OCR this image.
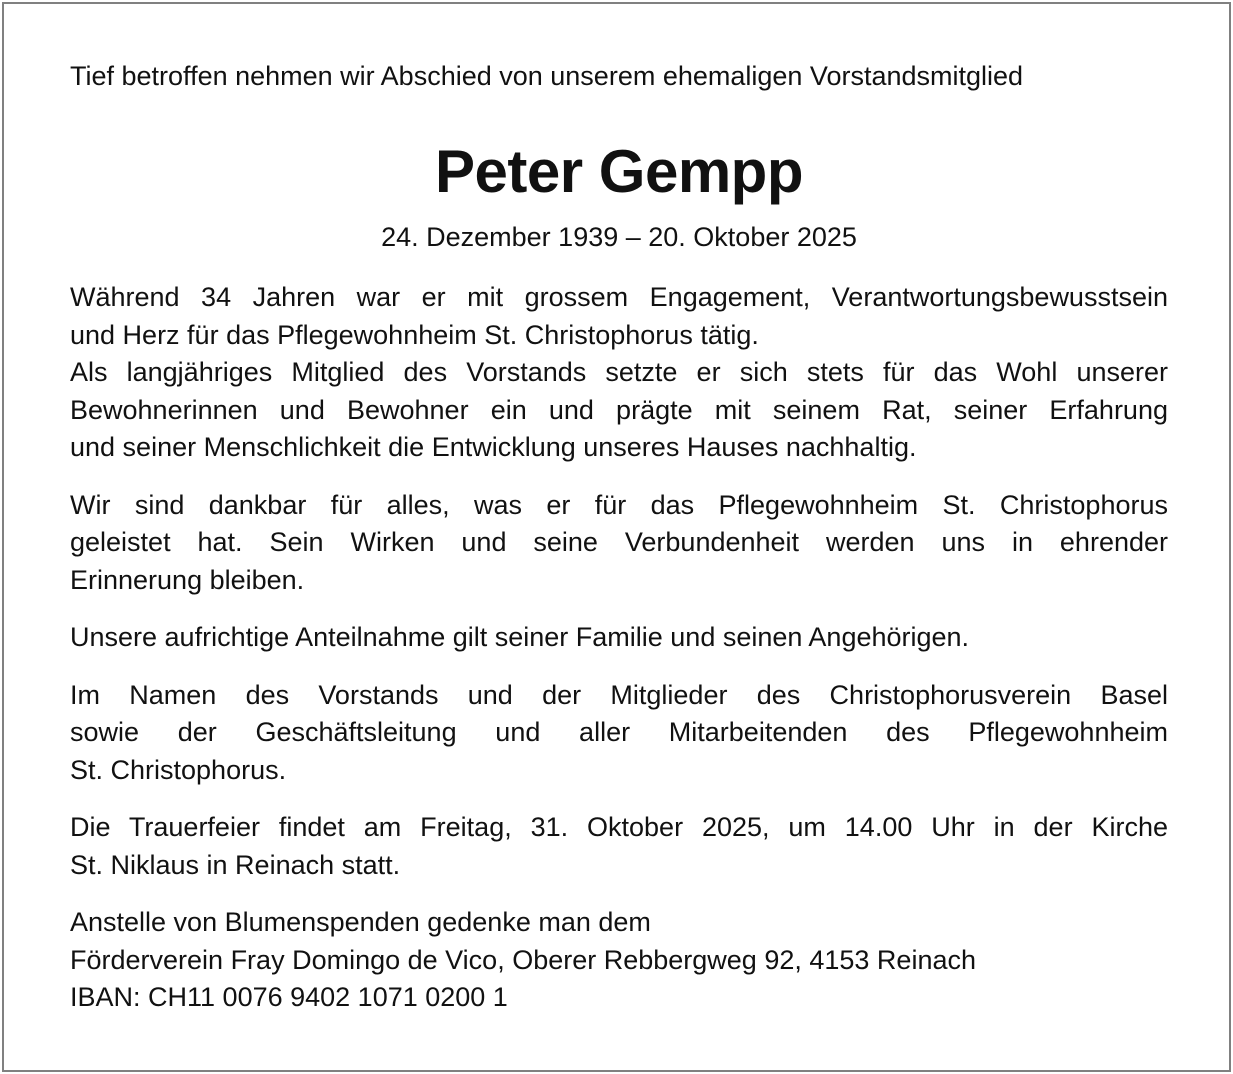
Tief betroffen nehmen wir Abschied von unserem ehemaligen Vorstandsmitglied
Peter Gempp
24. Dezember 1939 – 20. Oktober 2025

Während 34 Jahren war er mit grossem Engagement, Verantwortungsbewusstsein
und Herz für das Pflegewohnheim St. Christophorus tätig.
Als langjähriges Mitglied des Vorstands setzte er sich stets für das Wohl unserer
Bewohnerinnen und Bewohner ein und prägte mit seinem Rat, seiner Erfahrung
und seiner Menschlichkeit die Entwicklung unseres Hauses nachhaltig.

Wir sind dankbar für alles, was er für das Pflegewohnheim St. Christophorus
geleistet hat. Sein Wirken und seine Verbundenheit werden uns in ehrender
Erinnerung bleiben.

Unsere aufrichtige Anteilnahme gilt seiner Familie und seinen Angehörigen.

Im Namen des Vorstands und der Mitglieder des Christophorusverein Basel
sowie der Geschäftsleitung und aller Mitarbeitenden des Pflegewohnheim
St. Christophorus.

Die Trauerfeier findet am Freitag, 31. Oktober 2025, um 14.00 Uhr in der Kirche
St. Niklaus in Reinach statt.

Anstelle von Blumenspenden gedenke man dem
Förderverein Fray Domingo de Vico, Oberer Rebbergweg 92, 4153 Reinach
IBAN: CH11 0076 9402 1071 0200 1
